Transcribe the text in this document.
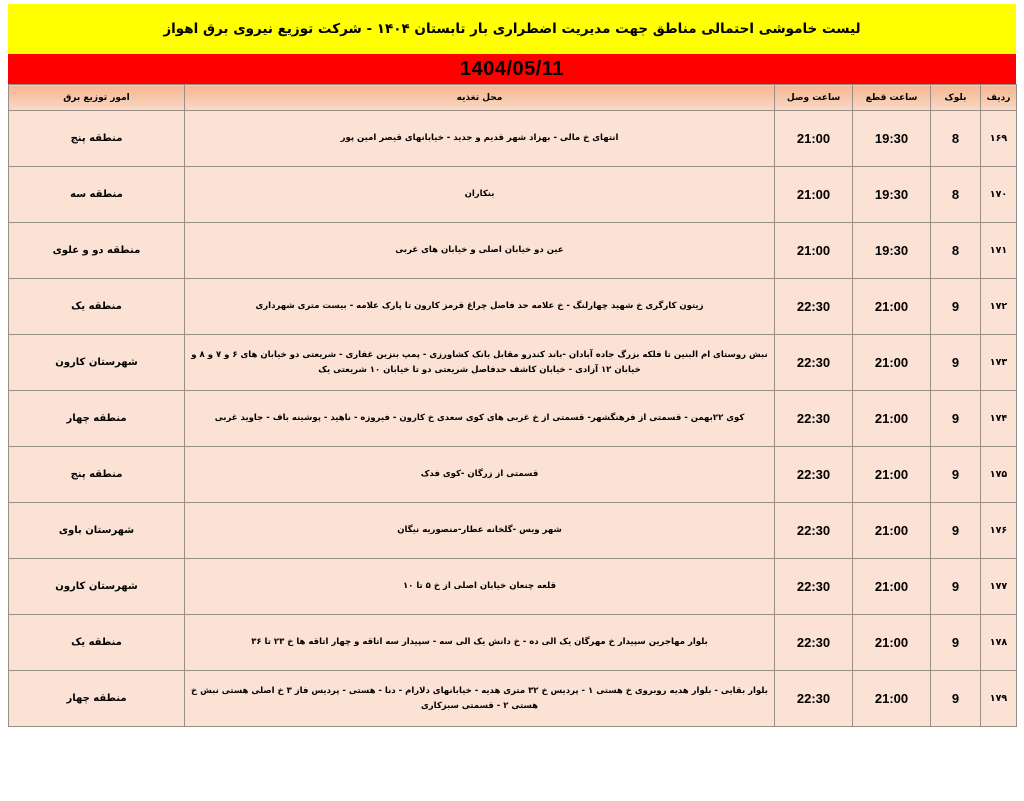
لیست خاموشی احتمالی مناطق جهت مدیریت اضطراری بار تابستان ۱۴۰۴ - شرکت توزیع نیروی برق اهواز
1404/05/11
ردیف	بلوک	ساعت قطع	ساعت وصل	محل تغذیه	امور توزیع برق
۱۶۹	8	19:30	21:00	انتهای خ مالی - بهزاد شهر قدیم و جدید - خیابانهای قیصر امین پور	منطقه پنج
۱۷۰	8	19:30	21:00	بنکاران	منطقه سه
۱۷۱	8	19:30	21:00	عین دو خیابان اصلی و خیابان های غربی	منطقه دو و علوی
۱۷۲	9	21:00	22:30	زیتون کارگری خ شهید چهارلنگ - خ علامه حد فاصل چراغ قرمز کارون تا پارک علامه - بیست متری شهرداری	منطقه یک
۱۷۳	9	21:00	22:30	نبش روستای ام البنین تا فلکه بزرگ جاده آبادان -باند کندرو مقابل بانک کشاورزی - پمپ بنزین غفاری - شریعتی دو خیابان های ۶ و ۷ و ۸ و خیابان ۱۲ آزادی - خیابان کاشف حدفاصل شریعتی دو تا خیابان ۱۰ شریعتی یک	شهرستان کارون
۱۷۴	9	21:00	22:30	کوی ۲۲بهمن - قسمتی از فرهنگشهر- قسمتی از خ غربی های کوی سعدی خ کارون - فیروزه - ناهید - پوشینه باف - جاوید غربی	منطقه چهار
۱۷۵	9	21:00	22:30	قسمتی از زرگان -کوی فدک	منطقه پنج
۱۷۶	9	21:00	22:30	شهر ویس -گلخانه عطار-منصوریه نیگان	شهرستان باوی
۱۷۷	9	21:00	22:30	قلعه چنعان خیابان اصلی از خ ۵ تا ۱۰	شهرستان کارون
۱۷۸	9	21:00	22:30	بلوار مهاجرین سپیدار خ مهرگان یک الی ده - خ دانش یک الی سه - سپیدار سه اتاقه و چهار اتاقه ها خ ۲۳ تا ۳۶	منطقه یک
۱۷۹	9	21:00	22:30	بلوار بقایی - بلوار هدیه روبروی خ هستی ۱ - پردیس خ ۳۲ متری هدیه - خیابانهای دلارام - دنا - هستی - پردیس فاز ۳ خ اصلی هستی نبش خ هستی ۲ - قسمتی سبزکاری	منطقه چهار
